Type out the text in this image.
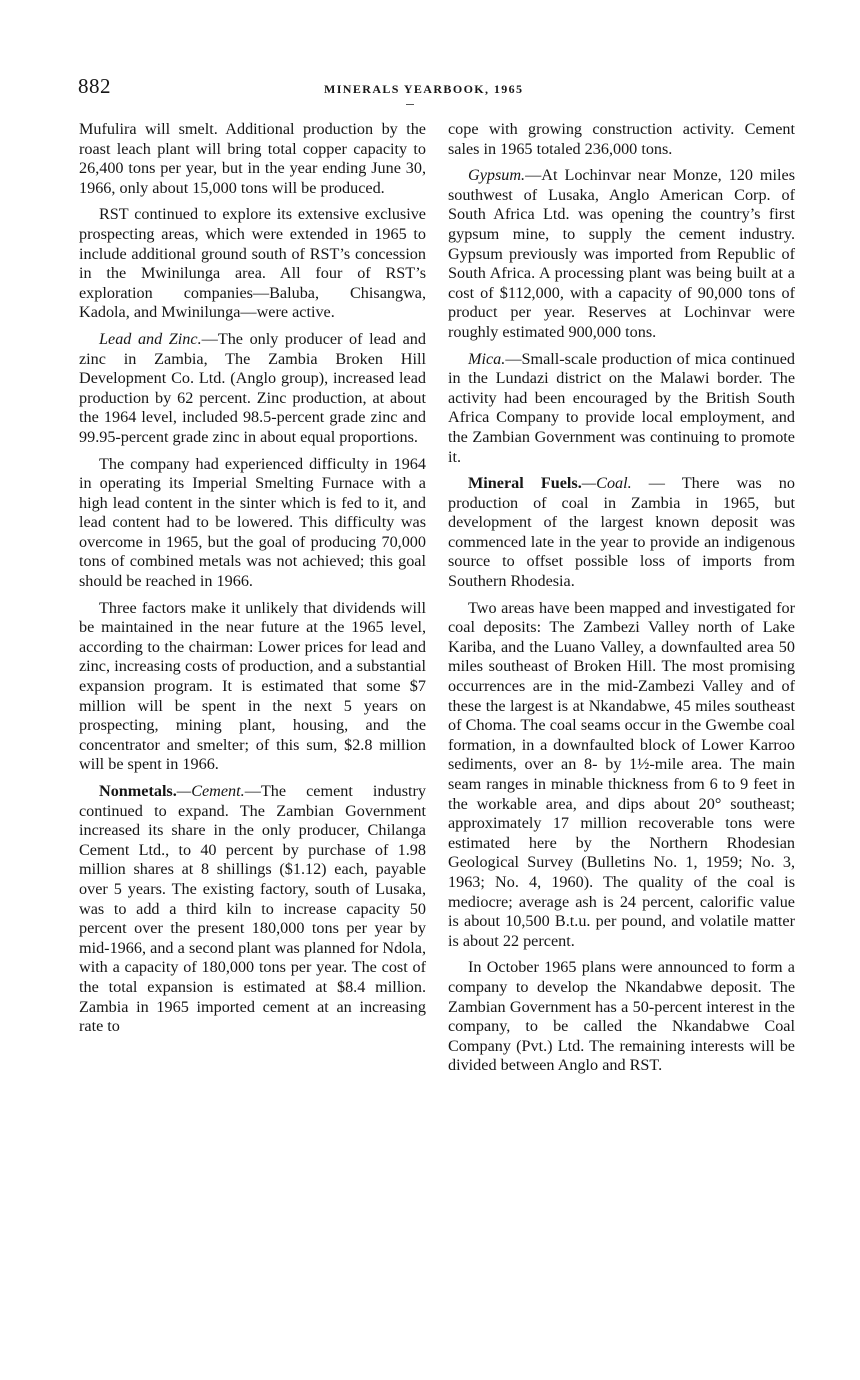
882	MINERALS YEARBOOK, 1965

Mufulira will smelt. Additional production by the roast leach plant will bring total copper capacity to 26,400 tons per year, but in the year ending June 30, 1966, only about 15,000 tons will be produced.

RST continued to explore its extensive exclusive prospecting areas, which were extended in 1965 to include additional ground south of RST’s concession in the Mwinilunga area. All four of RST’s exploration companies—Baluba, Chisangwa, Kadola, and Mwinilunga—were active.

Lead and Zinc.—The only producer of lead and zinc in Zambia, The Zambia Broken Hill Development Co. Ltd. (Anglo group), increased lead production by 62 percent. Zinc production, at about the 1964 level, included 98.5-percent grade zinc and 99.95-percent grade zinc in about equal proportions.

The company had experienced difficulty in 1964 in operating its Imperial Smelting Furnace with a high lead content in the sinter which is fed to it, and lead content had to be lowered. This difficulty was overcome in 1965, but the goal of producing 70,000 tons of combined metals was not achieved; this goal should be reached in 1966.

Three factors make it unlikely that dividends will be maintained in the near future at the 1965 level, according to the chairman: Lower prices for lead and zinc, increasing costs of production, and a substantial expansion program. It is estimated that some $7 million will be spent in the next 5 years on prospecting, mining plant, housing, and the concentrator and smelter; of this sum, $2.8 million will be spent in 1966.

Nonmetals.—Cement.—The cement industry continued to expand. The Zambian Government increased its share in the only producer, Chilanga Cement Ltd., to 40 percent by purchase of 1.98 million shares at 8 shillings ($1.12) each, payable over 5 years. The existing factory, south of Lusaka, was to add a third kiln to increase capacity 50 percent over the present 180,000 tons per year by mid-1966, and a second plant was planned for Ndola, with a capacity of 180,000 tons per year. The cost of the total expansion is estimated at $8.4 million. Zambia in 1965 imported cement at an increasing rate to

cope with growing construction activity. Cement sales in 1965 totaled 236,000 tons.

Gypsum.—At Lochinvar near Monze, 120 miles southwest of Lusaka, Anglo American Corp. of South Africa Ltd. was opening the country’s first gypsum mine, to supply the cement industry. Gypsum previously was imported from Republic of South Africa. A processing plant was being built at a cost of $112,000, with a capacity of 90,000 tons of product per year. Reserves at Lochinvar were roughly estimated 900,000 tons.

Mica.—Small-scale production of mica continued in the Lundazi district on the Malawi border. The activity had been encouraged by the British South Africa Company to provide local employment, and the Zambian Government was continuing to promote it.

Mineral Fuels.—Coal. — There was no production of coal in Zambia in 1965, but development of the largest known deposit was commenced late in the year to provide an indigenous source to offset possible loss of imports from Southern Rhodesia.

Two areas have been mapped and investigated for coal deposits: The Zambezi Valley north of Lake Kariba, and the Luano Valley, a downfaulted area 50 miles southeast of Broken Hill. The most promising occurrences are in the mid-Zambezi Valley and of these the largest is at Nkandabwe, 45 miles southeast of Choma. The coal seams occur in the Gwembe coal formation, in a downfaulted block of Lower Karroo sediments, over an 8- by 1½-mile area. The main seam ranges in minable thickness from 6 to 9 feet in the workable area, and dips about 20° southeast; approximately 17 million recoverable tons were estimated here by the Northern Rhodesian Geological Survey (Bulletins No. 1, 1959; No. 3, 1963; No. 4, 1960). The quality of the coal is mediocre; average ash is 24 percent, calorific value is about 10,500 B.t.u. per pound, and volatile matter is about 22 percent.

In October 1965 plans were announced to form a company to develop the Nkandabwe deposit. The Zambian Government has a 50-percent interest in the company, to be called the Nkandabwe Coal Company (Pvt.) Ltd. The remaining interests will be divided between Anglo and RST.
